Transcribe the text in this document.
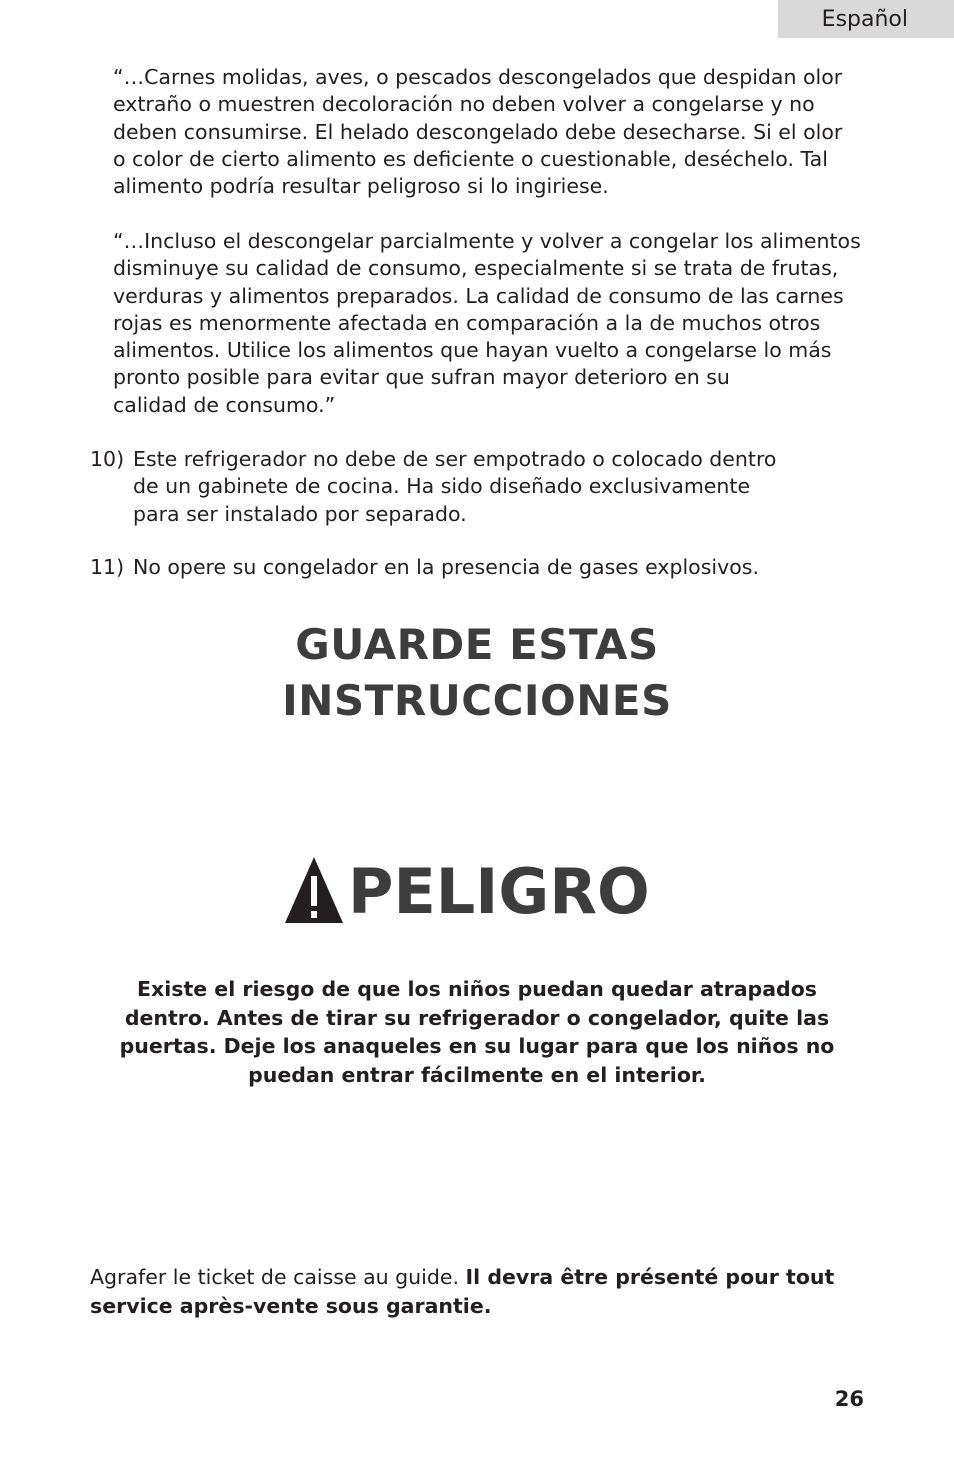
Español
“…Carnes molidas, aves, o pescados descongelados que despidan olor
extraño o muestren decoloración no deben volver a congelarse y no
deben consumirse. El helado descongelado debe desecharse. Si el olor
o color de cierto alimento es deficiente o cuestionable, deséchelo. Tal
alimento podría resultar peligroso si lo ingiriese.
“…Incluso el descongelar parcialmente y volver a congelar los alimentos
disminuye su calidad de consumo, especialmente si se trata de frutas,
verduras y alimentos preparados. La calidad de consumo de las carnes
rojas es menormente afectada en comparación a la de muchos otros
alimentos. Utilice los alimentos que hayan vuelto a congelarse lo más
pronto posible para evitar que sufran mayor deterioro en su
calidad de consumo.”
10) Este refrigerador no debe de ser empotrado o colocado dentro
de un gabinete de cocina. Ha sido diseñado exclusivamente
para ser instalado por separado.
11) No opere su congelador en la presencia de gases explosivos.
GUARDE ESTAS
INSTRUCCIONES
PELIGRO
Existe el riesgo de que los niños puedan quedar atrapados
dentro. Antes de tirar su refrigerador o congelador, quite las
puertas. Deje los anaqueles en su lugar para que los niños no
puedan entrar fácilmente en el interior.
Agrafer le ticket de caisse au guide. Il devra être présenté pour tout service après-vente sous garantie.
26
